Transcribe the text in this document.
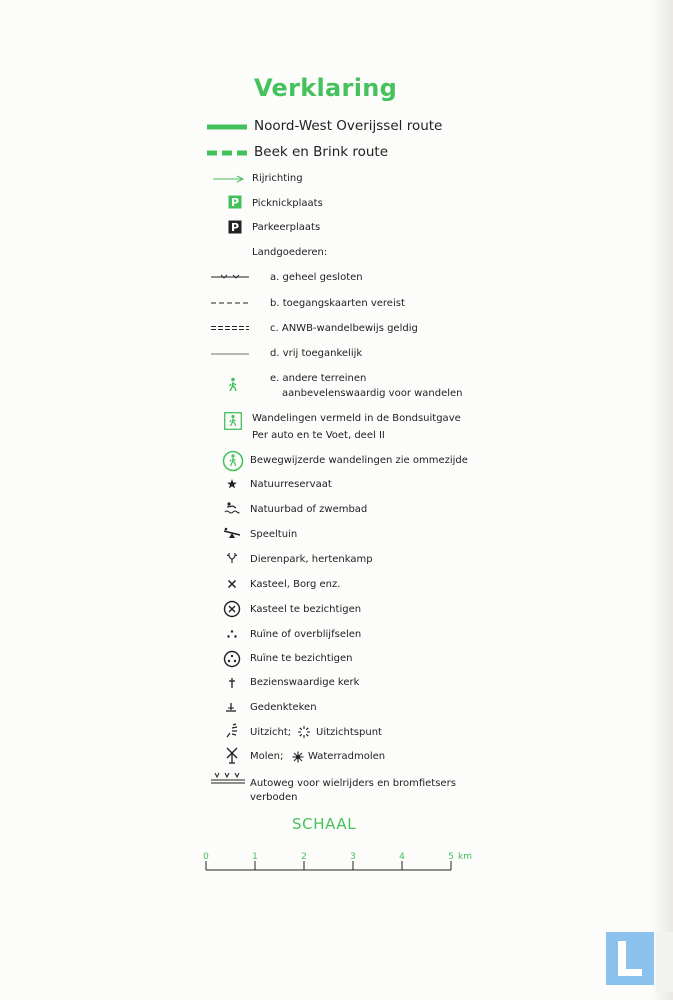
Verklaring
Noord-West Overijssel route
Beek en Brink route
Rijrichting
P Picknickplaats
P Parkeerplaats
Landgoederen:
a. geheel gesloten
b. toegangskaarten vereist
c. ANWB-wandelbewijs geldig
d. vrij toegankelijk
e. andere terreinen
aanbevelenswaardig voor wandelen
Wandelingen vermeld in de Bondsuitgave
Per auto en te Voet, deel II
Bewegwijzerde wandelingen zie ommezijde
Natuurreservaat
Natuurbad of zwembad
Speeltuin
Dierenpark, hertenkamp
Kasteel, Borg enz.
Kasteel te bezichtigen
Ruïne of overblijfselen
Ruïne te bezichtigen
Bezienswaardige kerk
Gedenkteken
Uitzicht; Uitzichtspunt
Molen; Waterradmolen
Autoweg voor wielrijders en bromfietsers
verboden
SCHAAL
0	1	2	3	4	5 km
